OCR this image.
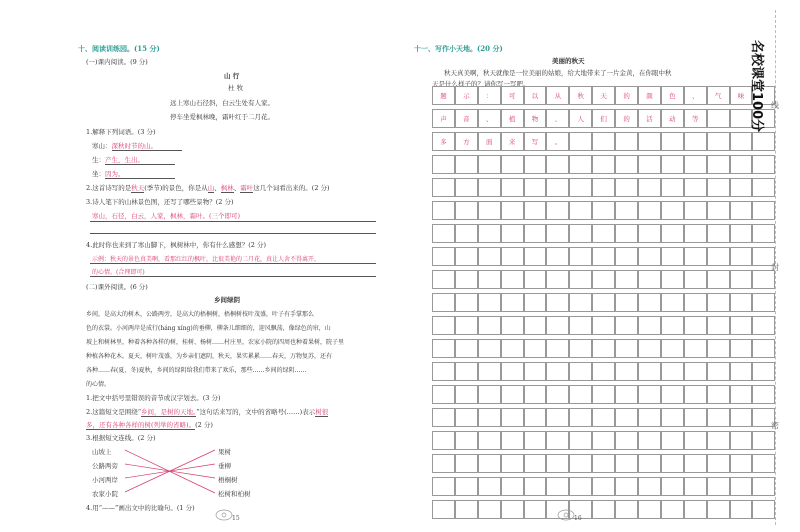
十、阅读训练园。(15 分)
(一)课内阅读。(9 分)
山 行
杜 牧
远上寒山石径斜，白云生处有人家。
停车坐爱枫林晚，霜叶红于二月花。
1.解释下列词语。(3 分)
寒山：深秋时节的山。
生：产生，生出。
坐：因为。
2.这首诗写的是秋天(季节)的景色，你是从山、枫林、霜叶这几个词看出来的。(2 分)
3.诗人笔下的山林景色图，还写了哪些景物？(2 分)
寒山，石径，白云，人家，枫林，霜叶。(三个即可)
4.此时你也来到了寒山脚下，枫树林中，你有什么感想？(2 分)
示例：秋天的景色真美啊，看那红红的枫叶，比很美艳的二月花，真让人舍不得离开，
的心情。(合理即可)
(二)课外阅读。(6 分)
乡间绿阴
乡间，是高大的树木，公路两旁，是高大的梧桐树，梧桐树枝叶茂盛，叶子有手掌那么
色的衣裳。小河两岸是成行(háng xíng)的垂柳，柳条儿细细的，迎风飘荡，像绿色的帘，山
坡上和树林里，种着各种各样的树，桂树、杨树……村庄里，农家小院的四周也种着果树，院子里
种植各种花木。夏天，树叶茂盛，为乡亲们遮阴，秋天，果实累累……春天，万物复苏，还有
各种……春(夏、冬)夏秋，乡间的绿阴给我们带来了欢乐，那些……乡间的绿阴……
的心情。
1.把文中括号里错误的音节或汉字划去。(3 分)
2.这篇短文是围绕“乡间，是树的天地。”这句话来写的，文中的省略号(……)表示树很
多，还有各种各样的树(列举的省略)。(2 分)
3.根据短文连线。(2 分)
山坡上
公路两旁
小河两岸
农家小院
果树
垂柳
梧桐树
松树和柏树
4.用“——”画出文中的比喻句。(1 分)
15
十一、写作小天地。(20 分)
美丽的秋天
秋天真美啊，秋天就像是一位美丽的姑娘，给大地带来了一片金黄，在你眼中秋
天是什么样子的？请你写一写吧。
题	示	：	可	以	从	秋	天	的	颜	色	、	气	味
声	音	、	植	物	、	人	们	的	活	动	等
多	方	面	来	写	。
16
名校课堂100分 线
封
密
